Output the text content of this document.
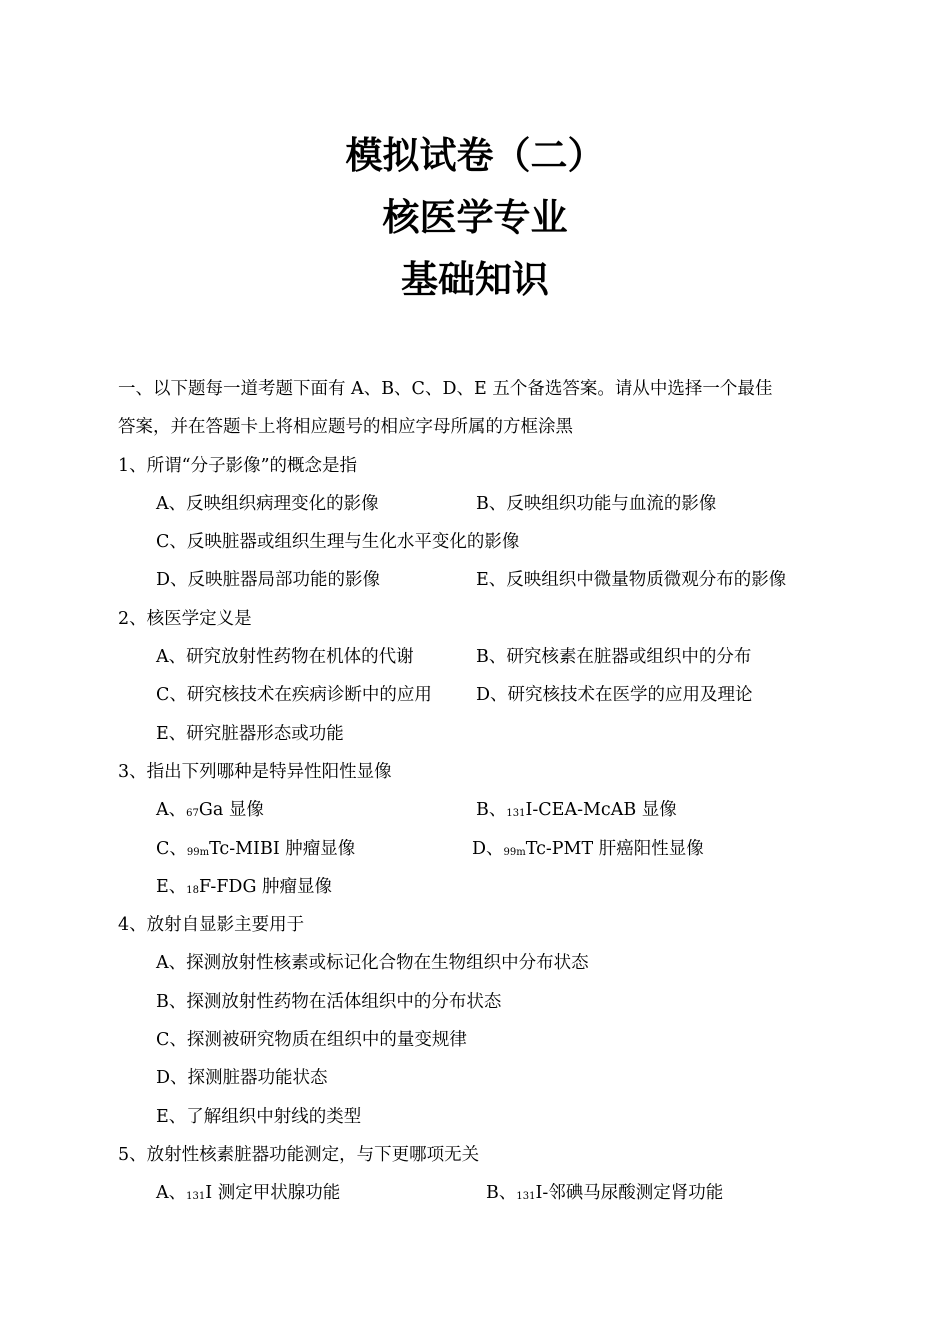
模拟试卷（二）
核医学专业
基础知识
一、以下题每一道考题下面有 A、B、C、D、E 五个备选答案。请从中选择一个最佳
答案，并在答题卡上将相应题号的相应字母所属的方框涂黑
1、所谓“分子影像”的概念是指
A、反映组织病理变化的影像	B、反映组织功能与血流的影像
C、反映脏器或组织生理与生化水平变化的影像
D、反映脏器局部功能的影像	E、反映组织中微量物质微观分布的影像
2、核医学定义是
A、研究放射性药物在机体的代谢	B、研究核素在脏器或组织中的分布
C、研究核技术在疾病诊断中的应用	D、研究核技术在医学的应用及理论
E、研究脏器形态或功能
3、指出下列哪种是特异性阳性显像
A、$^{67}$Ga 显像	B、$^{131}$I-CEA-McAB 显像
C、$^{99m}$Tc-MIBI 肿瘤显像	D、$^{99m}$Tc-PMT 肝癌阳性显像
E、$^{18}$F-FDG 肿瘤显像
4、放射自显影主要用于
A、探测放射性核素或标记化合物在生物组织中分布状态
B、探测放射性药物在活体组织中的分布状态
C、探测被研究物质在组织中的量变规律
D、探测脏器功能状态
E、了解组织中射线的类型
5、放射性核素脏器功能测定，与下更哪项无关
A、$^{131}$I 测定甲状腺功能	B、$^{131}$I-邻碘马尿酸测定肾功能
